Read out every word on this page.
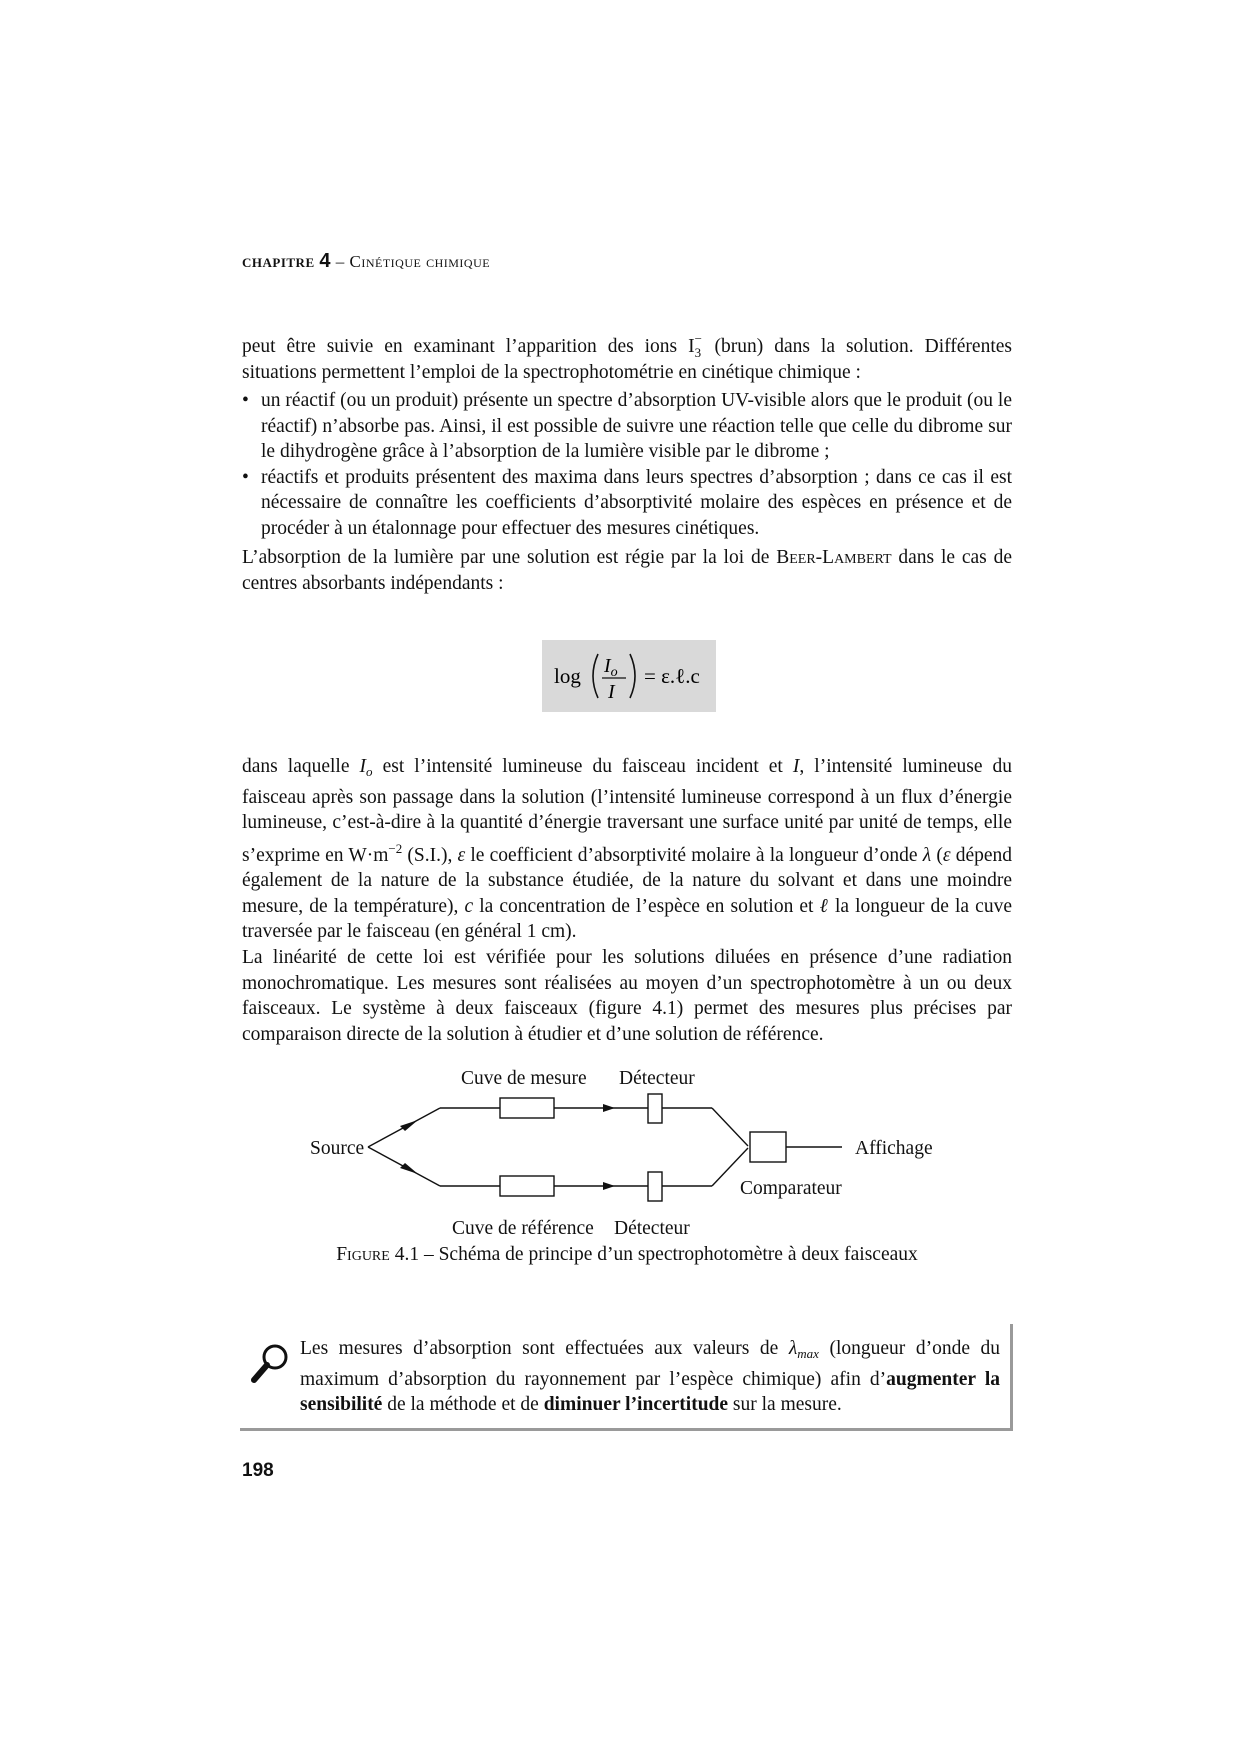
CHAPITRE 4 – Cinétique chimique

peut être suivie en examinant l’apparition des ions I −
3 (brun) dans la solution. Différentes situations permettent l’emploi de la spectrophotométrie en cinétique chimique :

• un réactif (ou un produit) présente un spectre d’absorption UV-visible alors que le produit (ou le réactif) n’absorbe pas. Ainsi, il est possible de suivre une réaction telle que celle du dibrome sur le dihydrogène grâce à l’absorption de la lumière visible par le dibrome ;
• réactifs et produits présentent des maxima dans leurs spectres d’absorption ; dans ce cas il est nécessaire de connaître les coefficients d’absorptivité molaire des espèces en présence et de procéder à un étalonnage pour effectuer des mesures cinétiques.

L’absorption de la lumière par une solution est régie par la loi de Beer-Lambert dans le cas de centres absorbants indépendants :

$\log I_o$
I
= ε.ℓ.c

dans laquelle $I_o$ est l’intensité lumineuse du faisceau incident et I, l’intensité lumineuse du faisceau après son passage dans la solution (l’intensité lumineuse correspond à un flux d’énergie lumineuse, c’est-à-dire à la quantité d’énergie traversant une surface unité par unité de temps, elle s’exprime en $W\cdot m^{-2}$ (S.I.), ε le coefficient d’absorptivité molaire à la longueur d’onde λ (ε dépend également de la nature de la substance étudiée, de la nature du solvant et dans une moindre mesure, de la température), c la concentration de l’espèce en solution et ℓ la longueur de la cuve traversée par le faisceau (en général 1 cm).

La linéarité de cette loi est vérifiée pour les solutions diluées en présence d’une radiation monochromatique. Les mesures sont réalisées au moyen d’un spectrophotomètre à un ou deux faisceaux. Le système à deux faisceaux (figure 4.1) permet des mesures plus précises par comparaison directe de la solution à étudier et d’une solution de référence.

Cuve de mesure Détecteur
Source	Affichage
Comparateur
Cuve de référence Détecteur
Figure 4.1 – Schéma de principe d’un spectrophotomètre à deux faisceaux
Les mesures d’absorption sont effectuées aux valeurs de $\lambda_{max}$ (longueur d’onde du maximum d’absorption du rayonnement par l’espèce chimique) afin d’augmenter la sensibilité de la méthode et de diminuer l’incertitude sur la mesure.
198
